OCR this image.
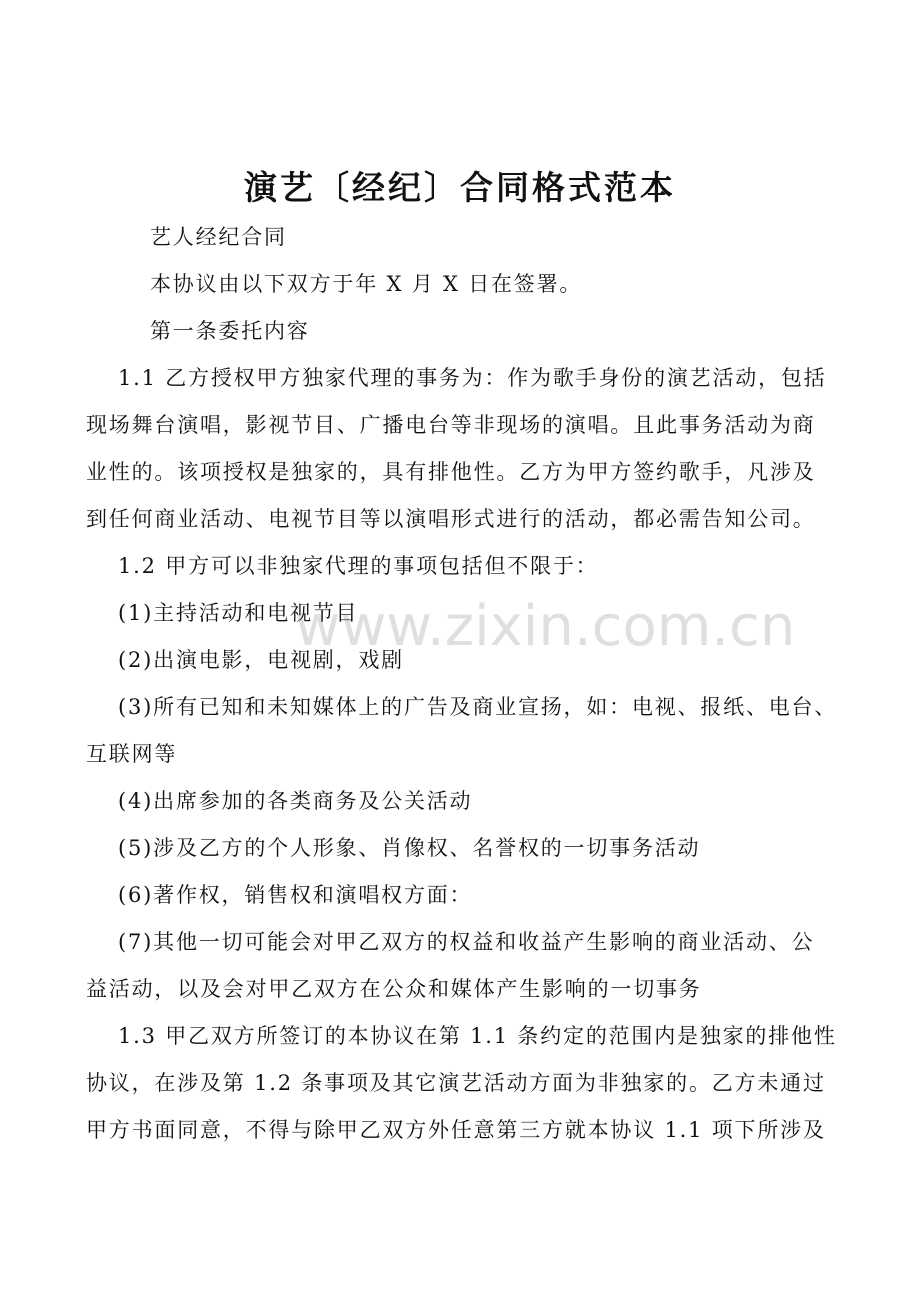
演艺〔经纪〕合同格式范本

艺人经纪合同

本协议由以下双方于年 X 月 X 日在签署。

第一条委托内容

1.1 乙方授权甲方独家代理的事务为：作为歌手身份的演艺活动，包括
现场舞台演唱，影视节目、广播电台等非现场的演唱。且此事务活动为商
业性的。该项授权是独家的，具有排他性。乙方为甲方签约歌手，凡涉及
到任何商业活动、电视节目等以演唱形式进行的活动，都必需告知公司。

1.2 甲方可以非独家代理的事项包括但不限于：

(1)主持活动和电视节目

(2)出演电影，电视剧，戏剧

(3)所有已知和未知媒体上的广告及商业宣扬，如：电视、报纸、电台、
互联网等

(4)出席参加的各类商务及公关活动

(5)涉及乙方的个人形象、肖像权、名誉权的一切事务活动

(6)著作权，销售权和演唱权方面：

(7)其他一切可能会对甲乙双方的权益和收益产生影响的商业活动、公
益活动，以及会对甲乙双方在公众和媒体产生影响的一切事务

1.3 甲乙双方所签订的本协议在第 1.1 条约定的范围内是独家的排他性
协议，在涉及第 1.2 条事项及其它演艺活动方面为非独家的。乙方未通过
甲方书面同意，不得与除甲乙双方外任意第三方就本协议 1.1 项下所涉及

www.zixin.com.cn
